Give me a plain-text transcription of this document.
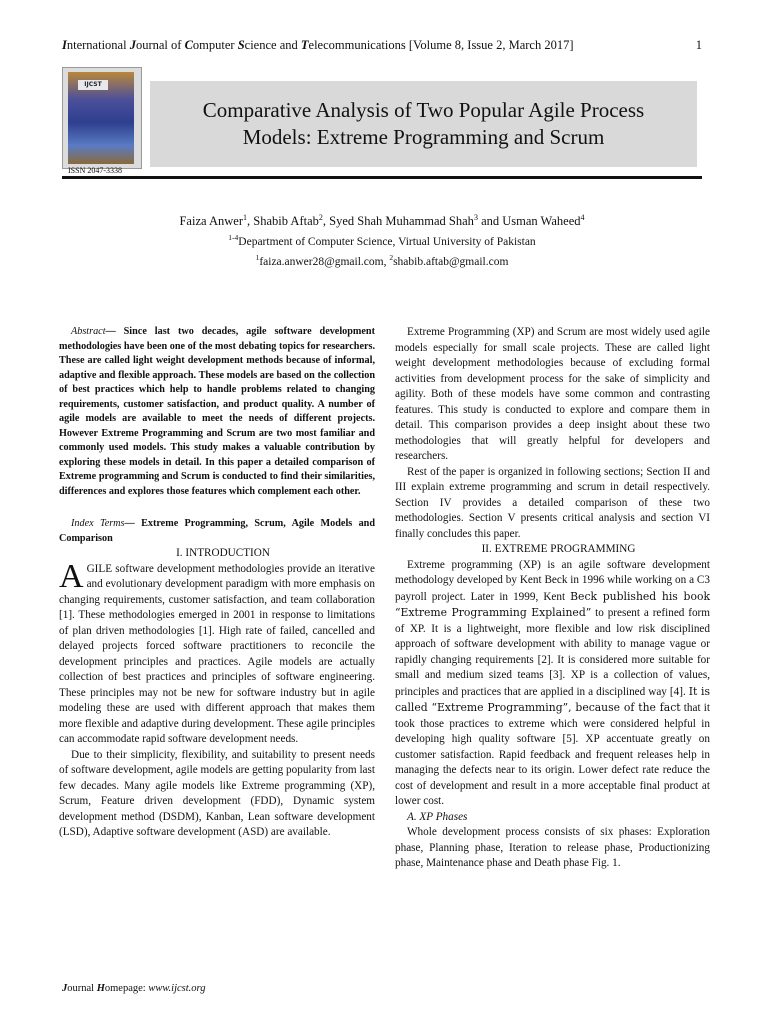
International Journal of Computer Science and Telecommunications [Volume 8, Issue 2, March 2017]	1
IJCST
ISSN 2047-3338
Comparative Analysis of Two Popular Agile Process Models: Extreme Programming and Scrum
Faiza Anwer$^1$, Shabib Aftab$^2$, Syed Shah Muhammad Shah$^3$ and Usman Waheed$^4$
$^{1-4}$Department of Computer Science, Virtual University of Pakistan
$^1$faiza.anwer28@gmail.com, $^2$shabib.aftab@gmail.com

Abstract— Since last two decades, agile software development methodologies have been one of the most debating topics for researchers. These are called light weight development methods because of informal, adaptive and flexible approach. These models are based on the collection of best practices which help to handle problems related to changing requirements, customer satisfaction, and product quality. A number of agile models are available to meet the needs of different projects. However Extreme Programming and Scrum are two most familiar and commonly used models. This study makes a valuable contribution by exploring these models in detail. In this paper a detailed comparison of Extreme programming and Scrum is conducted to find their similarities, differences and explores those features which complement each other.

Index Terms— Extreme Programming, Scrum, Agile Models and Comparison

I. INTRODUCTION

AGILE software development methodologies provide an iterative and evolutionary development paradigm with more emphasis on changing requirements, customer satisfaction, and team collaboration [1]. These methodologies emerged in 2001 in response to limitations of plan driven methodologies [1]. High rate of failed, cancelled and delayed projects forced software practitioners to reconcile the development principles and practices. Agile models are actually collection of best practices and principles of software engineering. These principles may not be new for software industry but in agile modeling these are used with different approach that makes them more flexible and adaptive during development. These agile principles can accommodate rapid software development needs.

Due to their simplicity, flexibility, and suitability to present needs of software development, agile models are getting popularity from last few decades. Many agile models like Extreme programming (XP), Scrum, Feature driven development (FDD), Dynamic system development method (DSDM), Kanban, Lean software development (LSD), Adaptive software development (ASD) are available.

Extreme Programming (XP) and Scrum are most widely used agile models especially for small scale projects. These are called light weight development methodologies because of excluding formal activities from development process for the sake of simplicity and agility. Both of these models have some common and contrasting features. This study is conducted to explore and compare them in detail. This comparison provides a deep insight about these two methodologies that will greatly helpful for developers and researchers.

Rest of the paper is organized in following sections; Section II and III explain extreme programming and scrum in detail respectively. Section IV provides a detailed comparison of these two methodologies. Section V presents critical analysis and section VI finally concludes this paper.

II. EXTREME PROGRAMMING

Extreme programming (XP) is an agile software development methodology developed by Kent Beck in 1996 while working on a C3 payroll project. Later in 1999, Kent Beck published his book “Extreme Programming Explained” to present a refined form of XP. It is a lightweight, more flexible and low risk disciplined approach of software development with ability to manage vague or rapidly changing requirements [2]. It is considered more suitable for small and medium sized teams [3]. XP is a collection of values, principles and practices that are applied in a disciplined way [4]. It is called “Extreme Programming”, because of the fact that it took those practices to extreme which were considered helpful in developing high quality software [5]. XP accentuate greatly on customer satisfaction. Rapid feedback and frequent releases help in managing the defects near to its origin. Lower defect rate reduce the cost of development and result in a more acceptable final product at lower cost.

A. XP Phases

Whole development process consists of six phases: Exploration phase, Planning phase, Iteration to release phase, Productionizing phase, Maintenance phase and Death phase Fig. 1.

Journal Homepage: www.ijcst.org
